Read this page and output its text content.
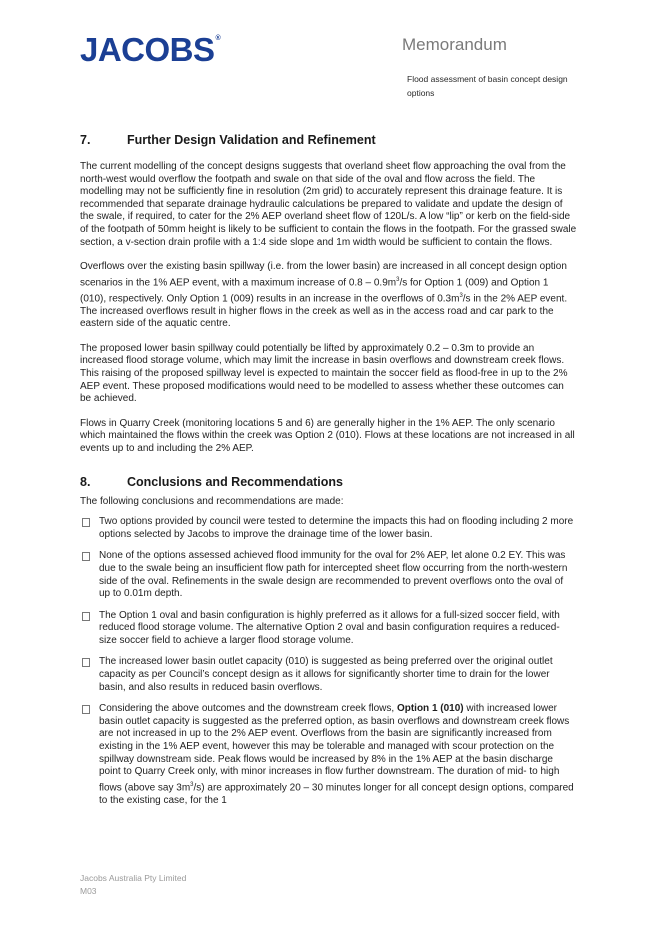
JACOBS®	Memorandum
Flood assessment of basin concept design options
7.	Further Design Validation and Refinement

The current modelling of the concept designs suggests that overland sheet flow approaching the oval from the north-west would overflow the footpath and swale on that side of the oval and flow across the field. The modelling may not be sufficiently fine in resolution (2m grid) to accurately represent this drainage feature. It is recommended that separate drainage hydraulic calculations be prepared to validate and update the design of the swale, if required, to cater for the 2% AEP overland sheet flow of 120L/s. A low “lip” or kerb on the field-side of the footpath of 50mm height is likely to be sufficient to contain the flows in the footpath. For the grassed swale section, a v-section drain profile with a 1:4 side slope and 1m width would be sufficient to contain the flows.

Overflows over the existing basin spillway (i.e. from the lower basin) are increased in all concept design option scenarios in the 1% AEP event, with a maximum increase of $0.8 - 0.9m^3/s$ for Option 1 (009) and Option 1 (010), respectively. Only Option 1 (009) results in an increase in the overflows of $0.3m^3/s$ in the 2% AEP event. The increased overflows result in higher flows in the creek as well as in the access road and car park to the eastern side of the aquatic centre.

The proposed lower basin spillway could potentially be lifted by approximately 0.2 – 0.3m to provide an increased flood storage volume, which may limit the increase in basin overflows and downstream creek flows. This raising of the proposed spillway level is expected to maintain the soccer field as flood-free in up to the 2% AEP event. These proposed modifications would need to be modelled to assess whether these outcomes can be achieved.

Flows in Quarry Creek (monitoring locations 5 and 6) are generally higher in the 1% AEP. The only scenario which maintained the flows within the creek was Option 2 (010). Flows at these locations are not increased in all events up to and including the 2% AEP.

8.	Conclusions and Recommendations

The following conclusions and recommendations are made:

Two options provided by council were tested to determine the impacts this had on flooding including 2 more options selected by Jacobs to improve the drainage time of the lower basin.

None of the options assessed achieved flood immunity for the oval for 2% AEP, let alone 0.2 EY. This was due to the swale being an insufficient flow path for intercepted sheet flow occurring from the north-western side of the oval. Refinements in the swale design are recommended to prevent overflows onto the oval of up to 0.01m depth.

The Option 1 oval and basin configuration is highly preferred as it allows for a full-sized soccer field, with reduced flood storage volume. The alternative Option 2 oval and basin configuration requires a reduced-size soccer field to achieve a larger flood storage volume.

The increased lower basin outlet capacity (010) is suggested as being preferred over the original outlet capacity as per Council’s concept design as it allows for significantly shorter time to drain for the lower basin, and also results in reduced basin overflows.

Considering the above outcomes and the downstream creek flows, Option 1 (010) with increased lower basin outlet capacity is suggested as the preferred option, as basin overflows and downstream creek flows are not increased in up to the 2% AEP event. Overflows from the basin are significantly increased from existing in the 1% AEP event, however this may be tolerable and managed with scour protection on the spillway downstream side. Peak flows would be increased by 8% in the 1% AEP at the basin discharge point to Quarry Creek only, with minor increases in flow further downstream. The duration of mid- to high flows (above say $3m^3/s$) are approximately 20 – 30 minutes longer for all concept design options, compared to the existing case, for the 1

Jacobs Australia Pty Limited
M03
